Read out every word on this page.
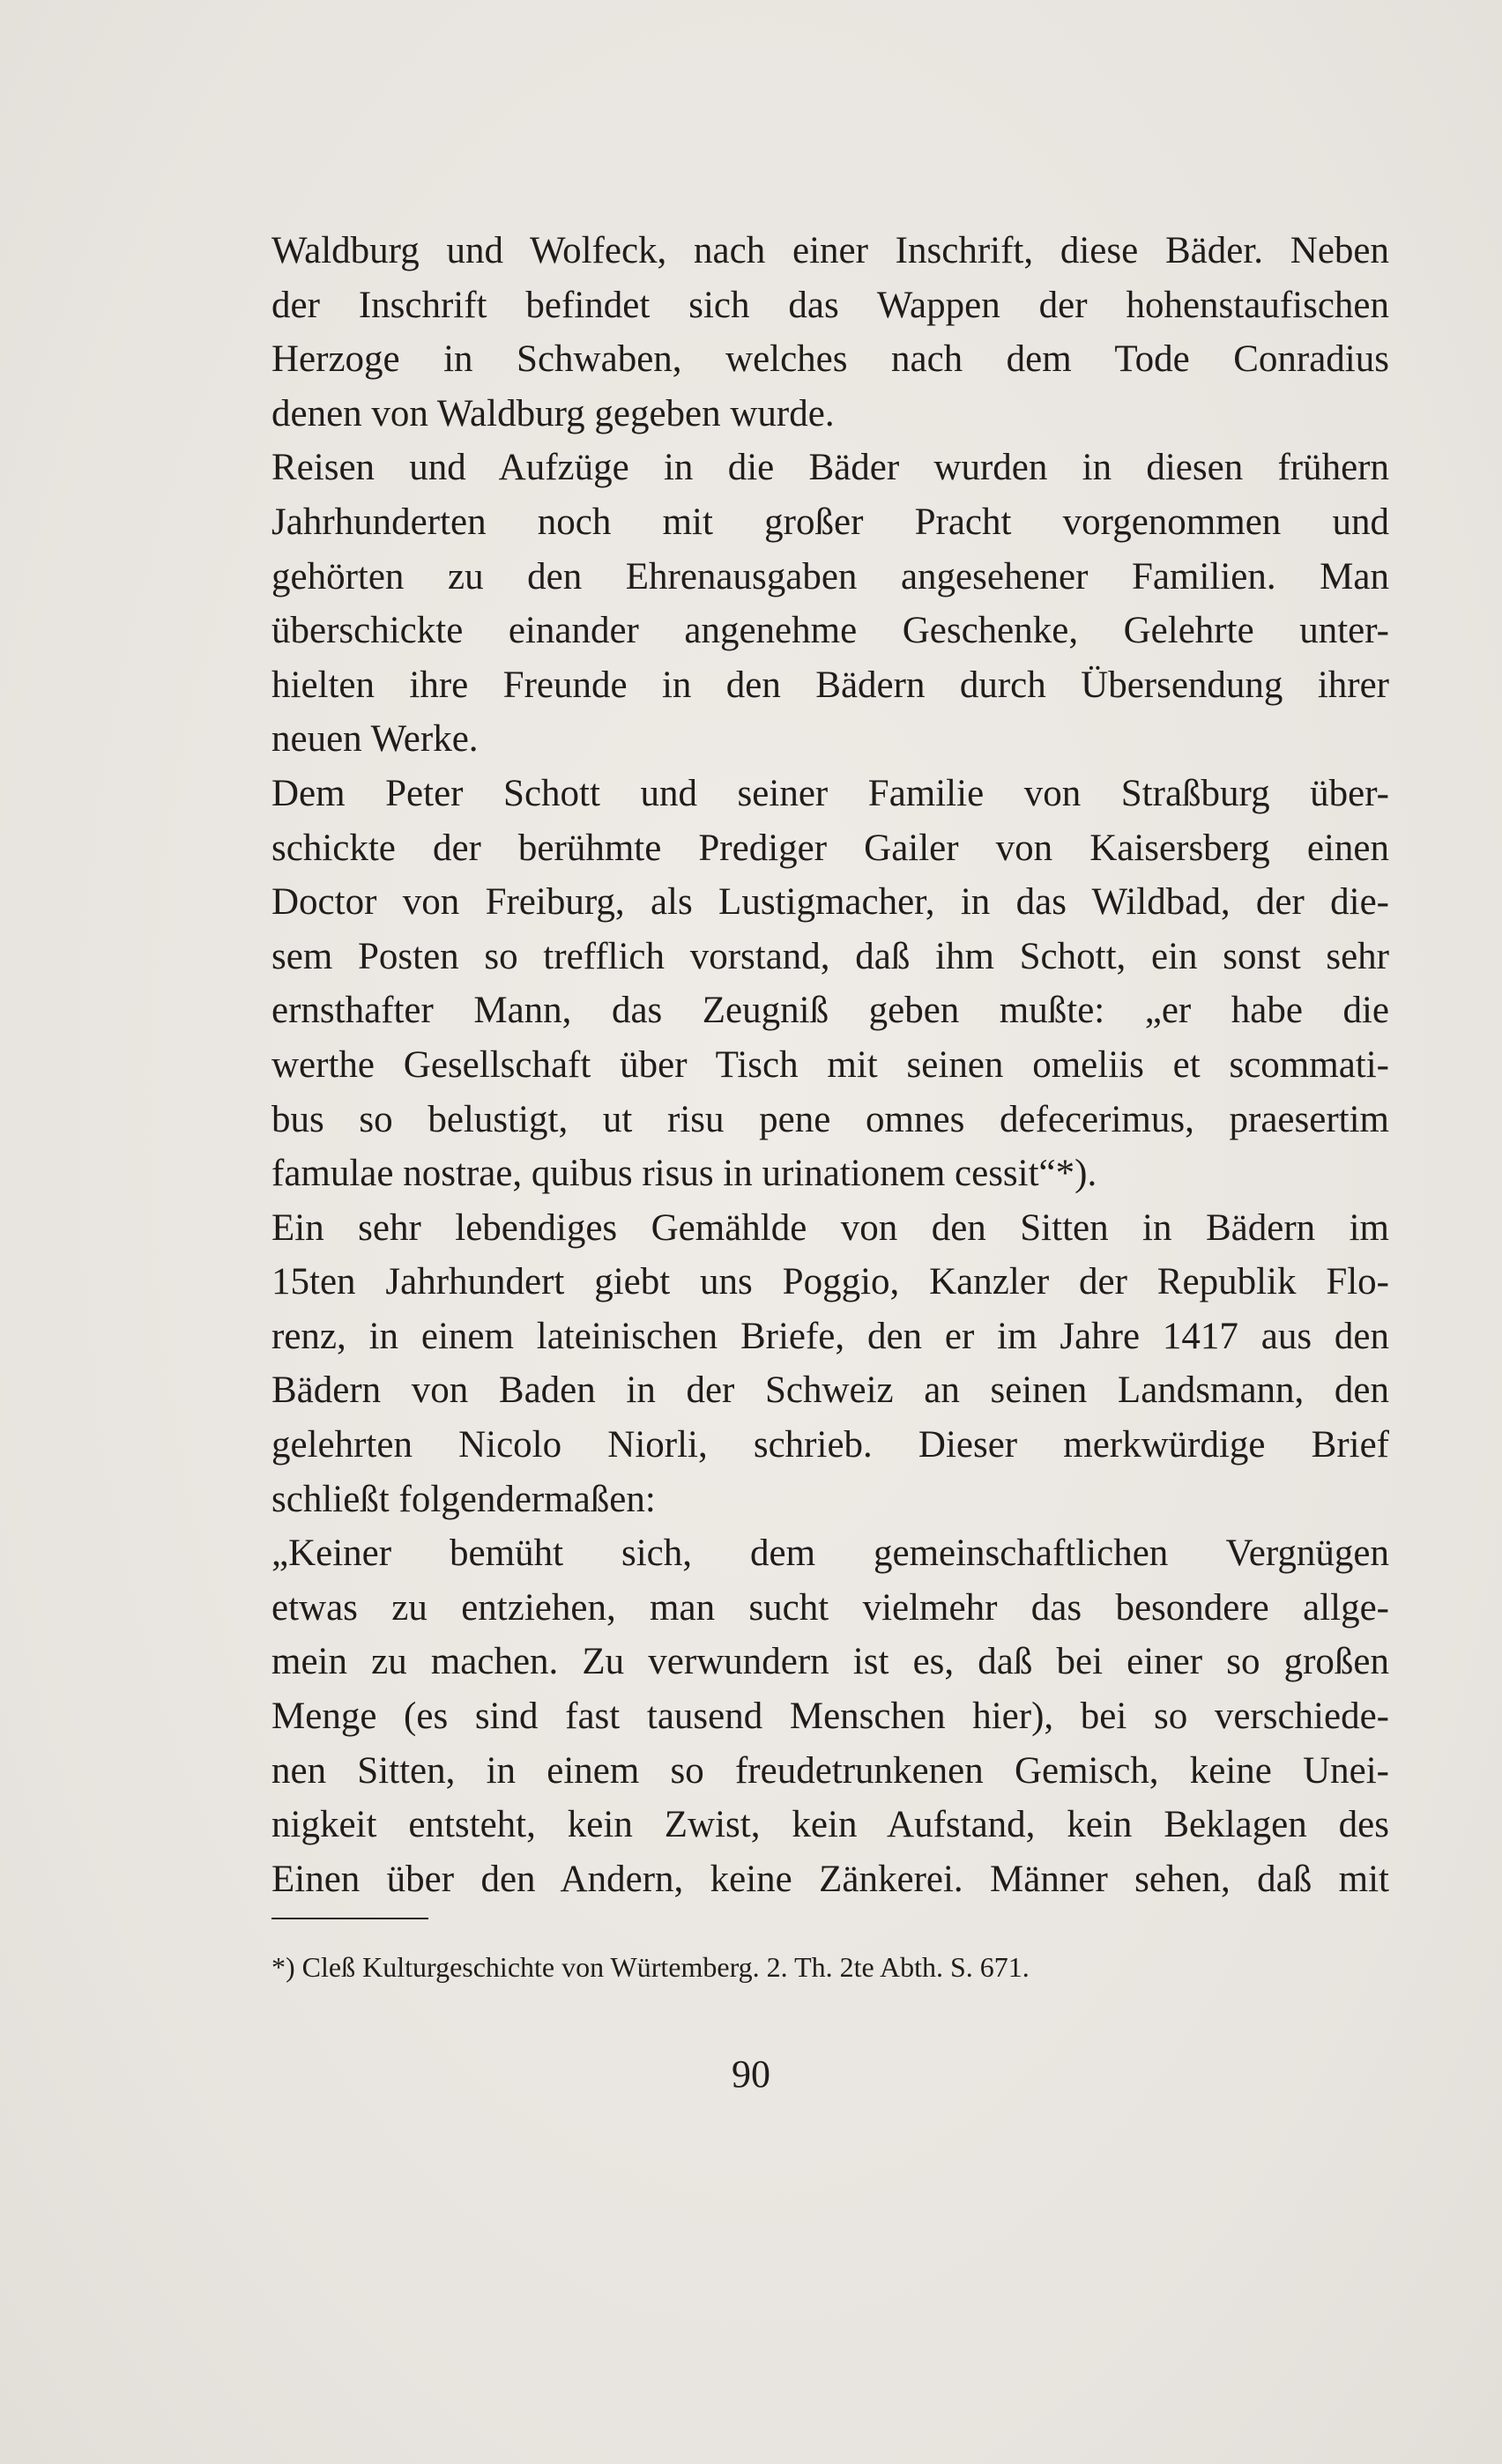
Waldburg und Wolfeck, nach einer Inschrift, diese Bäder. Neben
der Inschrift befindet sich das Wappen der hohenstaufischen
Herzoge in Schwaben, welches nach dem Tode Conradius
denen von Waldburg gegeben wurde.
Reisen und Aufzüge in die Bäder wurden in diesen frühern
Jahrhunderten noch mit großer Pracht vorgenommen und
gehörten zu den Ehrenausgaben angesehener Familien. Man
überschickte einander angenehme Geschenke, Gelehrte unter-
hielten ihre Freunde in den Bädern durch Übersendung ihrer
neuen Werke.
Dem Peter Schott und seiner Familie von Straßburg über-
schickte der berühmte Prediger Gailer von Kaisersberg einen
Doctor von Freiburg, als Lustigmacher, in das Wildbad, der die-
sem Posten so trefflich vorstand, daß ihm Schott, ein sonst sehr
ernsthafter Mann, das Zeugniß geben mußte: „er habe die
werthe Gesellschaft über Tisch mit seinen omeliis et scommati-
bus so belustigt, ut risu pene omnes defecerimus, praesertim
famulae nostrae, quibus risus in urinationem cessit“*).
Ein sehr lebendiges Gemählde von den Sitten in Bädern im
15ten Jahrhundert giebt uns Poggio, Kanzler der Republik Flo-
renz, in einem lateinischen Briefe, den er im Jahre 1417 aus den
Bädern von Baden in der Schweiz an seinen Landsmann, den
gelehrten Nicolo Niorli, schrieb. Dieser merkwürdige Brief
schließt folgendermaßen:
„Keiner bemüht sich, dem gemeinschaftlichen Vergnügen
etwas zu entziehen, man sucht vielmehr das besondere allge-
mein zu machen. Zu verwundern ist es, daß bei einer so großen
Menge (es sind fast tausend Menschen hier), bei so verschiede-
nen Sitten, in einem so freudetrunkenen Gemisch, keine Unei-
nigkeit entsteht, kein Zwist, kein Aufstand, kein Beklagen des
Einen über den Andern, keine Zänkerei. Männer sehen, daß mit
*) Cleß Kulturgeschichte von Würtemberg. 2. Th. 2te Abth. S. 671.
90
